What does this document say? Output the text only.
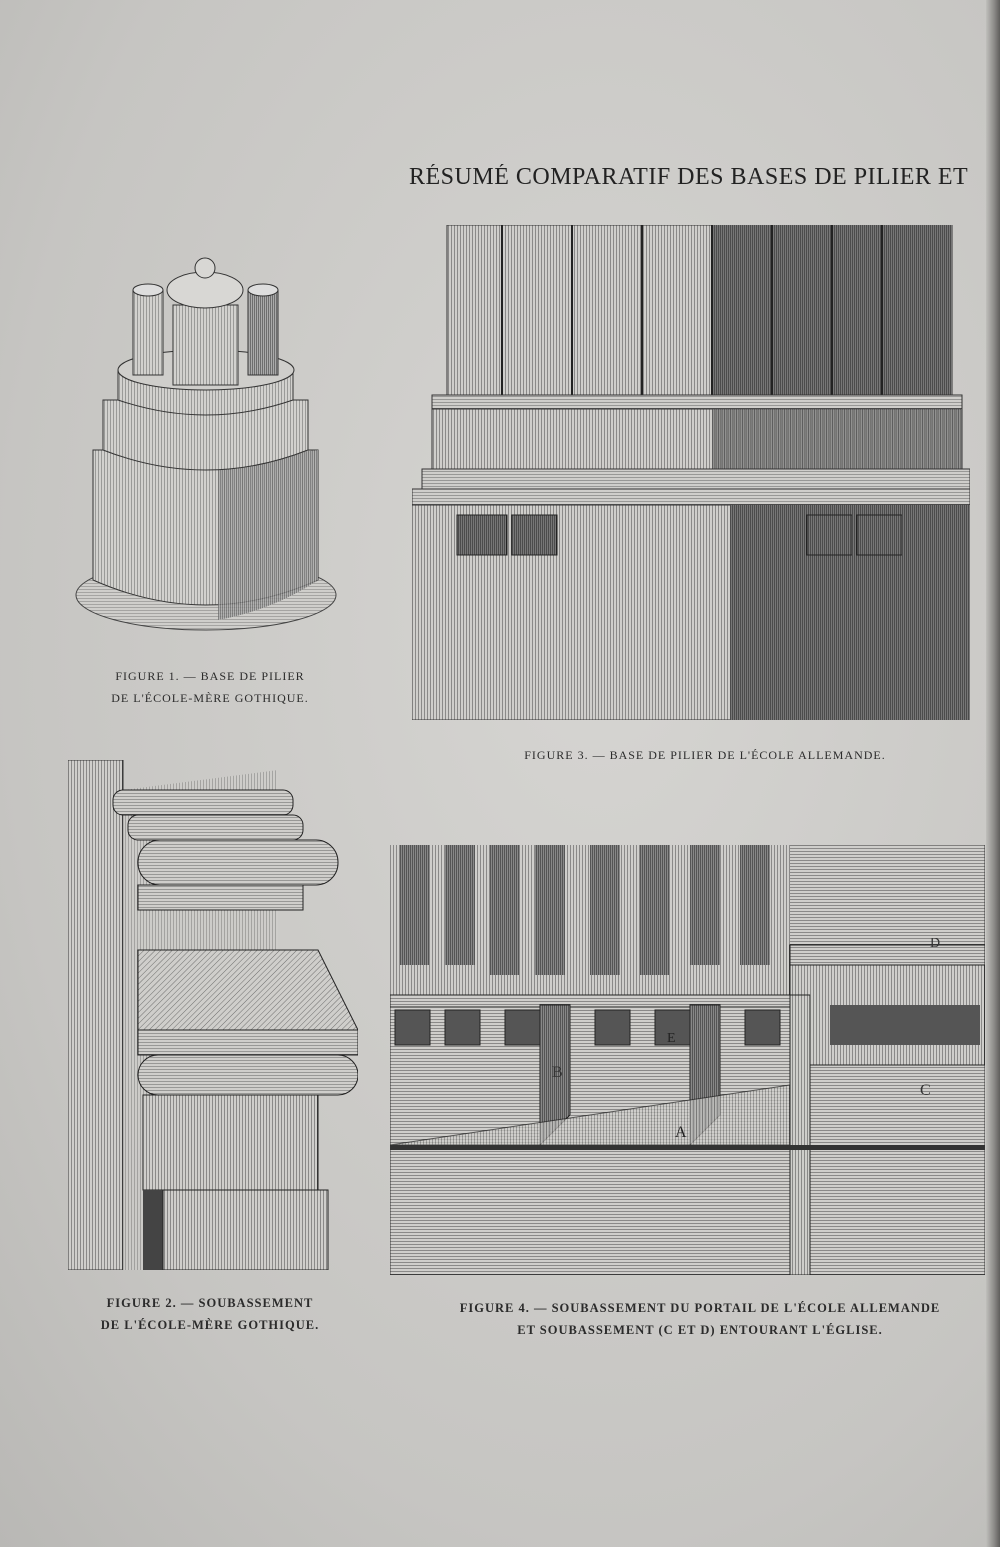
RÉSUMÉ COMPARATIF DES BASES DE PILIER ET
FIGURE 1. — BASE DE PILIER
DE L'ÉCOLE-MÈRE GOTHIQUE.
FIGURE 3. — BASE DE PILIER DE L'ÉCOLE ALLEMANDE.
FIGURE 2. — SOUBASSEMENT
DE L'ÉCOLE-MÈRE GOTHIQUE.
D
E
B
C
A
FIGURE 4. — SOUBASSEMENT DU PORTAIL DE L'ÉCOLE ALLEMANDE
ET SOUBASSEMENT (C ET D) ENTOURANT L'ÉGLISE.
